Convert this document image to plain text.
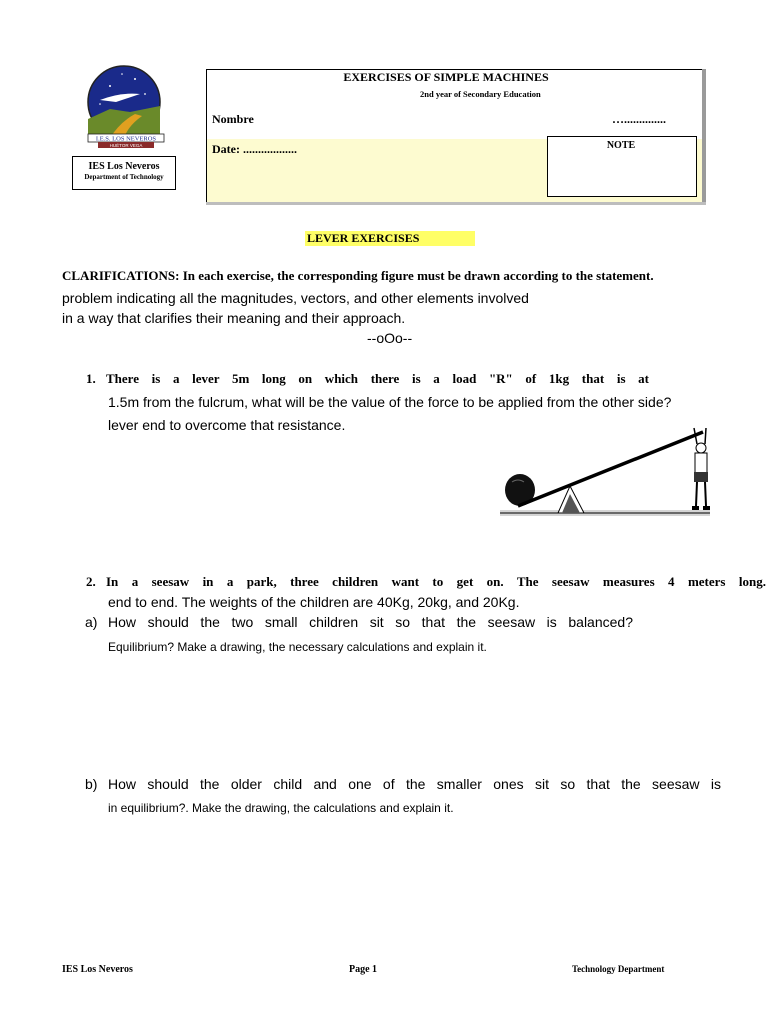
I.E.S. LOS NEVEROS
HUÉTOR VEGA
IES Los Neveros
Department of Technology
EXERCISES OF SIMPLE MACHINES
2nd year of Secondary Education
Nombre	…..............
Date: ..................	NOTE
LEVER EXERCISES
CLARIFICATIONS: In each exercise, the corresponding figure must be drawn according to the statement.
problem indicating all the magnitudes, vectors, and other elements involved
in a way that clarifies their meaning and their approach.
--oOo--
1. There is a lever 5m long on which there is a load "R" of 1kg that is at
1.5m from the fulcrum, what will be the value of the force to be applied from the other side?
lever end to overcome that resistance.
2. In a seesaw in a park, three children want to get on. The seesaw measures 4 meters long.
end to end. The weights of the children are 40Kg, 20kg, and 20Kg.
a) How should the two small children sit so that the seesaw is balanced?
Equilibrium? Make a drawing, the necessary calculations and explain it.
b) How should the older child and one of the smaller ones sit so that the seesaw is
in equilibrium?. Make the drawing, the calculations and explain it.
IES Los Neveros	Page 1	Technology Department
